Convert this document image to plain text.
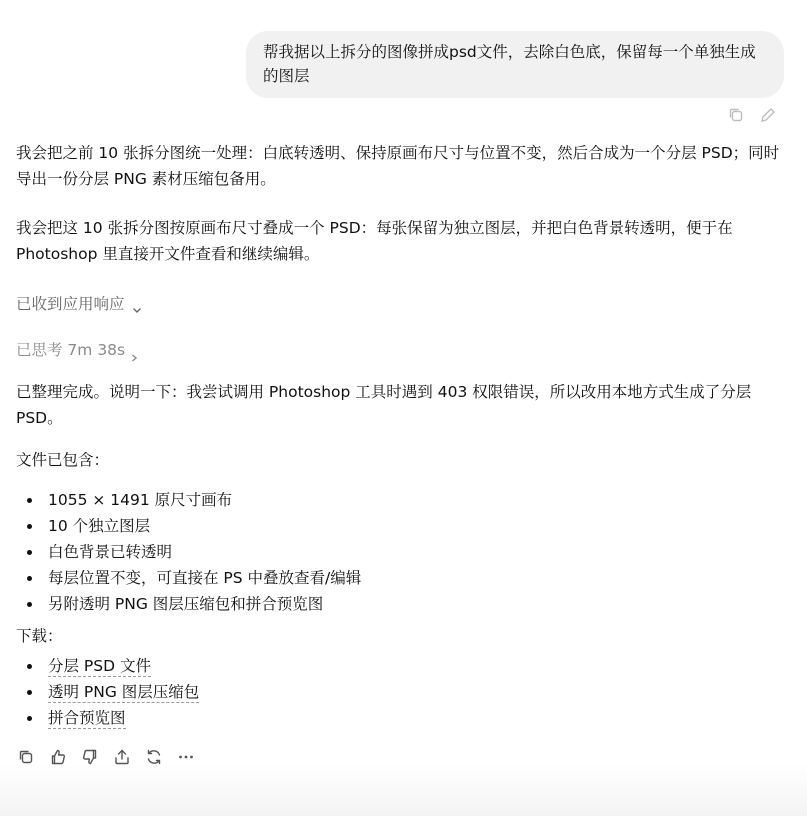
帮我据以上拆分的图像拼成psd文件，去除白色底，保留每一个单独生成的图层

我会把之前 10 张拆分图统一处理：白底转透明、保持原画布尺寸与位置不变，然后合成为一个分层 PSD；同时导出一份分层 PNG 素材压缩包备用。

我会把这 10 张拆分图按原画布尺寸叠成一个 PSD：每张保留为独立图层，并把白色背景转透明，便于在 Photoshop 里直接开文件查看和继续编辑。

已收到应用响应
已思考 7m 38s

已整理完成。说明一下：我尝试调用 Photoshop 工具时遇到 403 权限错误，所以改用本地方式生成了分层 PSD。

文件已包含：

1055 × 1491 原尺寸画布
10 个独立图层
白色背景已转透明
每层位置不变，可直接在 PS 中叠放查看/编辑
另附透明 PNG 图层压缩包和拼合预览图

下载：

分层 PSD 文件
透明 PNG 图层压缩包
拼合预览图
